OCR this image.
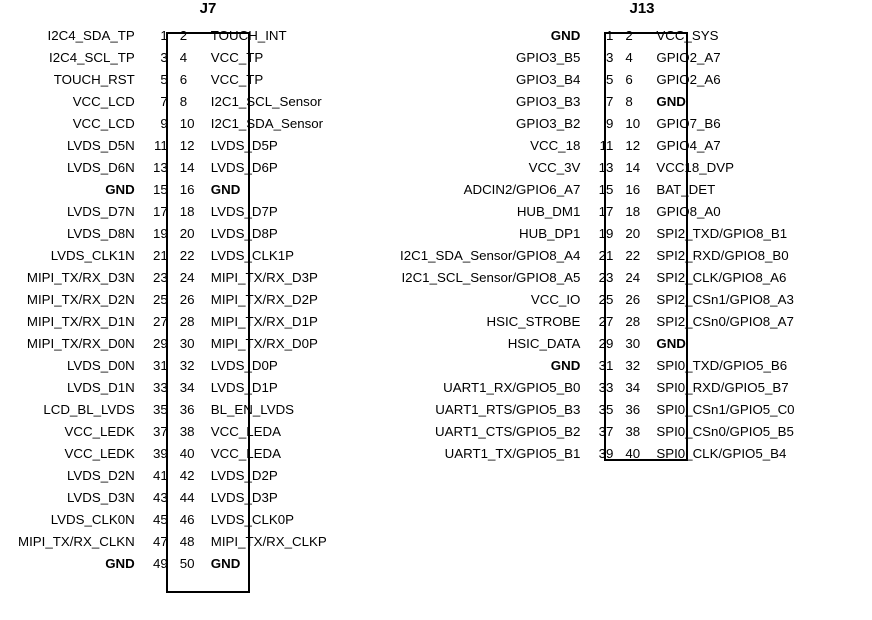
J7
I2C4_SDA_TP	1	2	TOUCH_INT
I2C4_SCL_TP	3	4	VCC_TP
TOUCH_RST	5	6	VCC_TP
VCC_LCD	7	8	I2C1_SCL_Sensor
VCC_LCD	9	10	I2C1_SDA_Sensor
LVDS_D5N	11	12	LVDS_D5P
LVDS_D6N	13	14	LVDS_D6P
GND	15	16	GND
LVDS_D7N	17	18	LVDS_D7P
LVDS_D8N	19	20	LVDS_D8P
LVDS_CLK1N	21	22	LVDS_CLK1P
MIPI_TX/RX_D3N	23	24	MIPI_TX/RX_D3P
MIPI_TX/RX_D2N	25	26	MIPI_TX/RX_D2P
MIPI_TX/RX_D1N	27	28	MIPI_TX/RX_D1P
MIPI_TX/RX_D0N	29	30	MIPI_TX/RX_D0P
LVDS_D0N	31	32	LVDS_D0P
LVDS_D1N	33	34	LVDS_D1P
LCD_BL_LVDS	35	36	BL_EN_LVDS
VCC_LEDK	37	38	VCC_LEDA
VCC_LEDK	39	40	VCC_LEDA
LVDS_D2N	41	42	LVDS_D2P
LVDS_D3N	43	44	LVDS_D3P
LVDS_CLK0N	45	46	LVDS_CLK0P
MIPI_TX/RX_CLKN	47	48	MIPI_TX/RX_CLKP
GND	49	50	GND
J13
GND	1	2	VCC_SYS
GPIO3_B5	3	4	GPIO2_A7
GPIO3_B4	5	6	GPIO2_A6
GPIO3_B3	7	8	GND
GPIO3_B2	9	10	GPIO7_B6
VCC_18	11	12	GPIO4_A7
VCC_3V	13	14	VCC18_DVP
ADCIN2/GPIO6_A7	15	16	BAT_DET
HUB_DM1	17	18	GPIO8_A0
HUB_DP1	19	20	SPI2_TXD/GPIO8_B1
I2C1_SDA_Sensor/GPIO8_A4	21	22	SPI2_RXD/GPIO8_B0
I2C1_SCL_Sensor/GPIO8_A5	23	24	SPI2_CLK/GPIO8_A6
VCC_IO	25	26	SPI2_CSn1/GPIO8_A3
HSIC_STROBE	27	28	SPI2_CSn0/GPIO8_A7
HSIC_DATA	29	30	GND
GND	31	32	SPI0_TXD/GPIO5_B6
UART1_RX/GPIO5_B0	33	34	SPI0_RXD/GPIO5_B7
UART1_RTS/GPIO5_B3	35	36	SPI0_CSn1/GPIO5_C0
UART1_CTS/GPIO5_B2	37	38	SPI0_CSn0/GPIO5_B5
UART1_TX/GPIO5_B1	39	40	SPI0_CLK/GPIO5_B4
